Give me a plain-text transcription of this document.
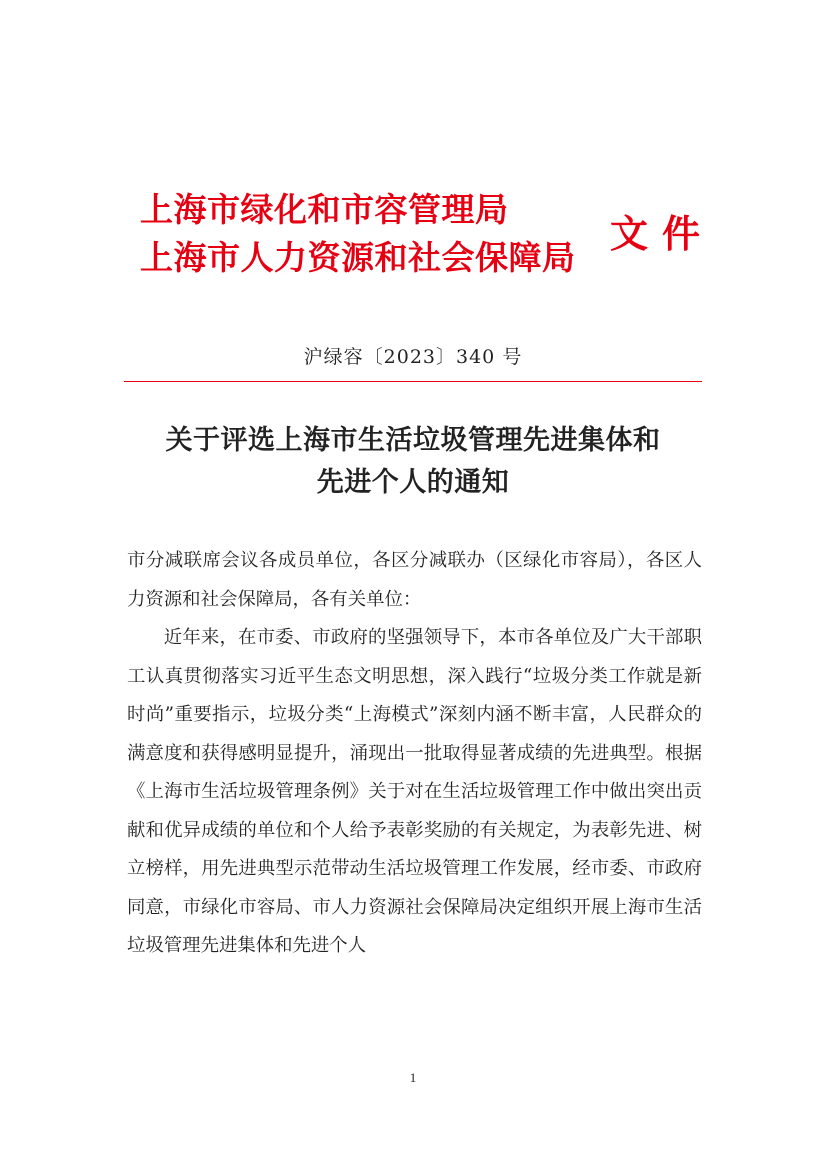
上海市绿化和市容管理局
上海市人力资源和社会保障局
文件
沪绿容〔2023〕340 号
关于评选上海市生活垃圾管理先进集体和
先进个人的通知

市分减联席会议各成员单位，各区分减联办（区绿化市容局），各区人力资源和社会保障局，各有关单位：

近年来，在市委、市政府的坚强领导下，本市各单位及广大干部职工认真贯彻落实习近平生态文明思想，深入践行“垃圾分类工作就是新时尚”重要指示，垃圾分类“上海模式”深刻内涵不断丰富，人民群众的满意度和获得感明显提升，涌现出一批取得显著成绩的先进典型。根据《上海市生活垃圾管理条例》关于对在生活垃圾管理工作中做出突出贡献和优异成绩的单位和个人给予表彰奖励的有关规定，为表彰先进、树立榜样，用先进典型示范带动生活垃圾管理工作发展，经市委、市政府同意，市绿化市容局、市人力资源社会保障局决定组织开展上海市生活垃圾管理先进集体和先进个人

1
